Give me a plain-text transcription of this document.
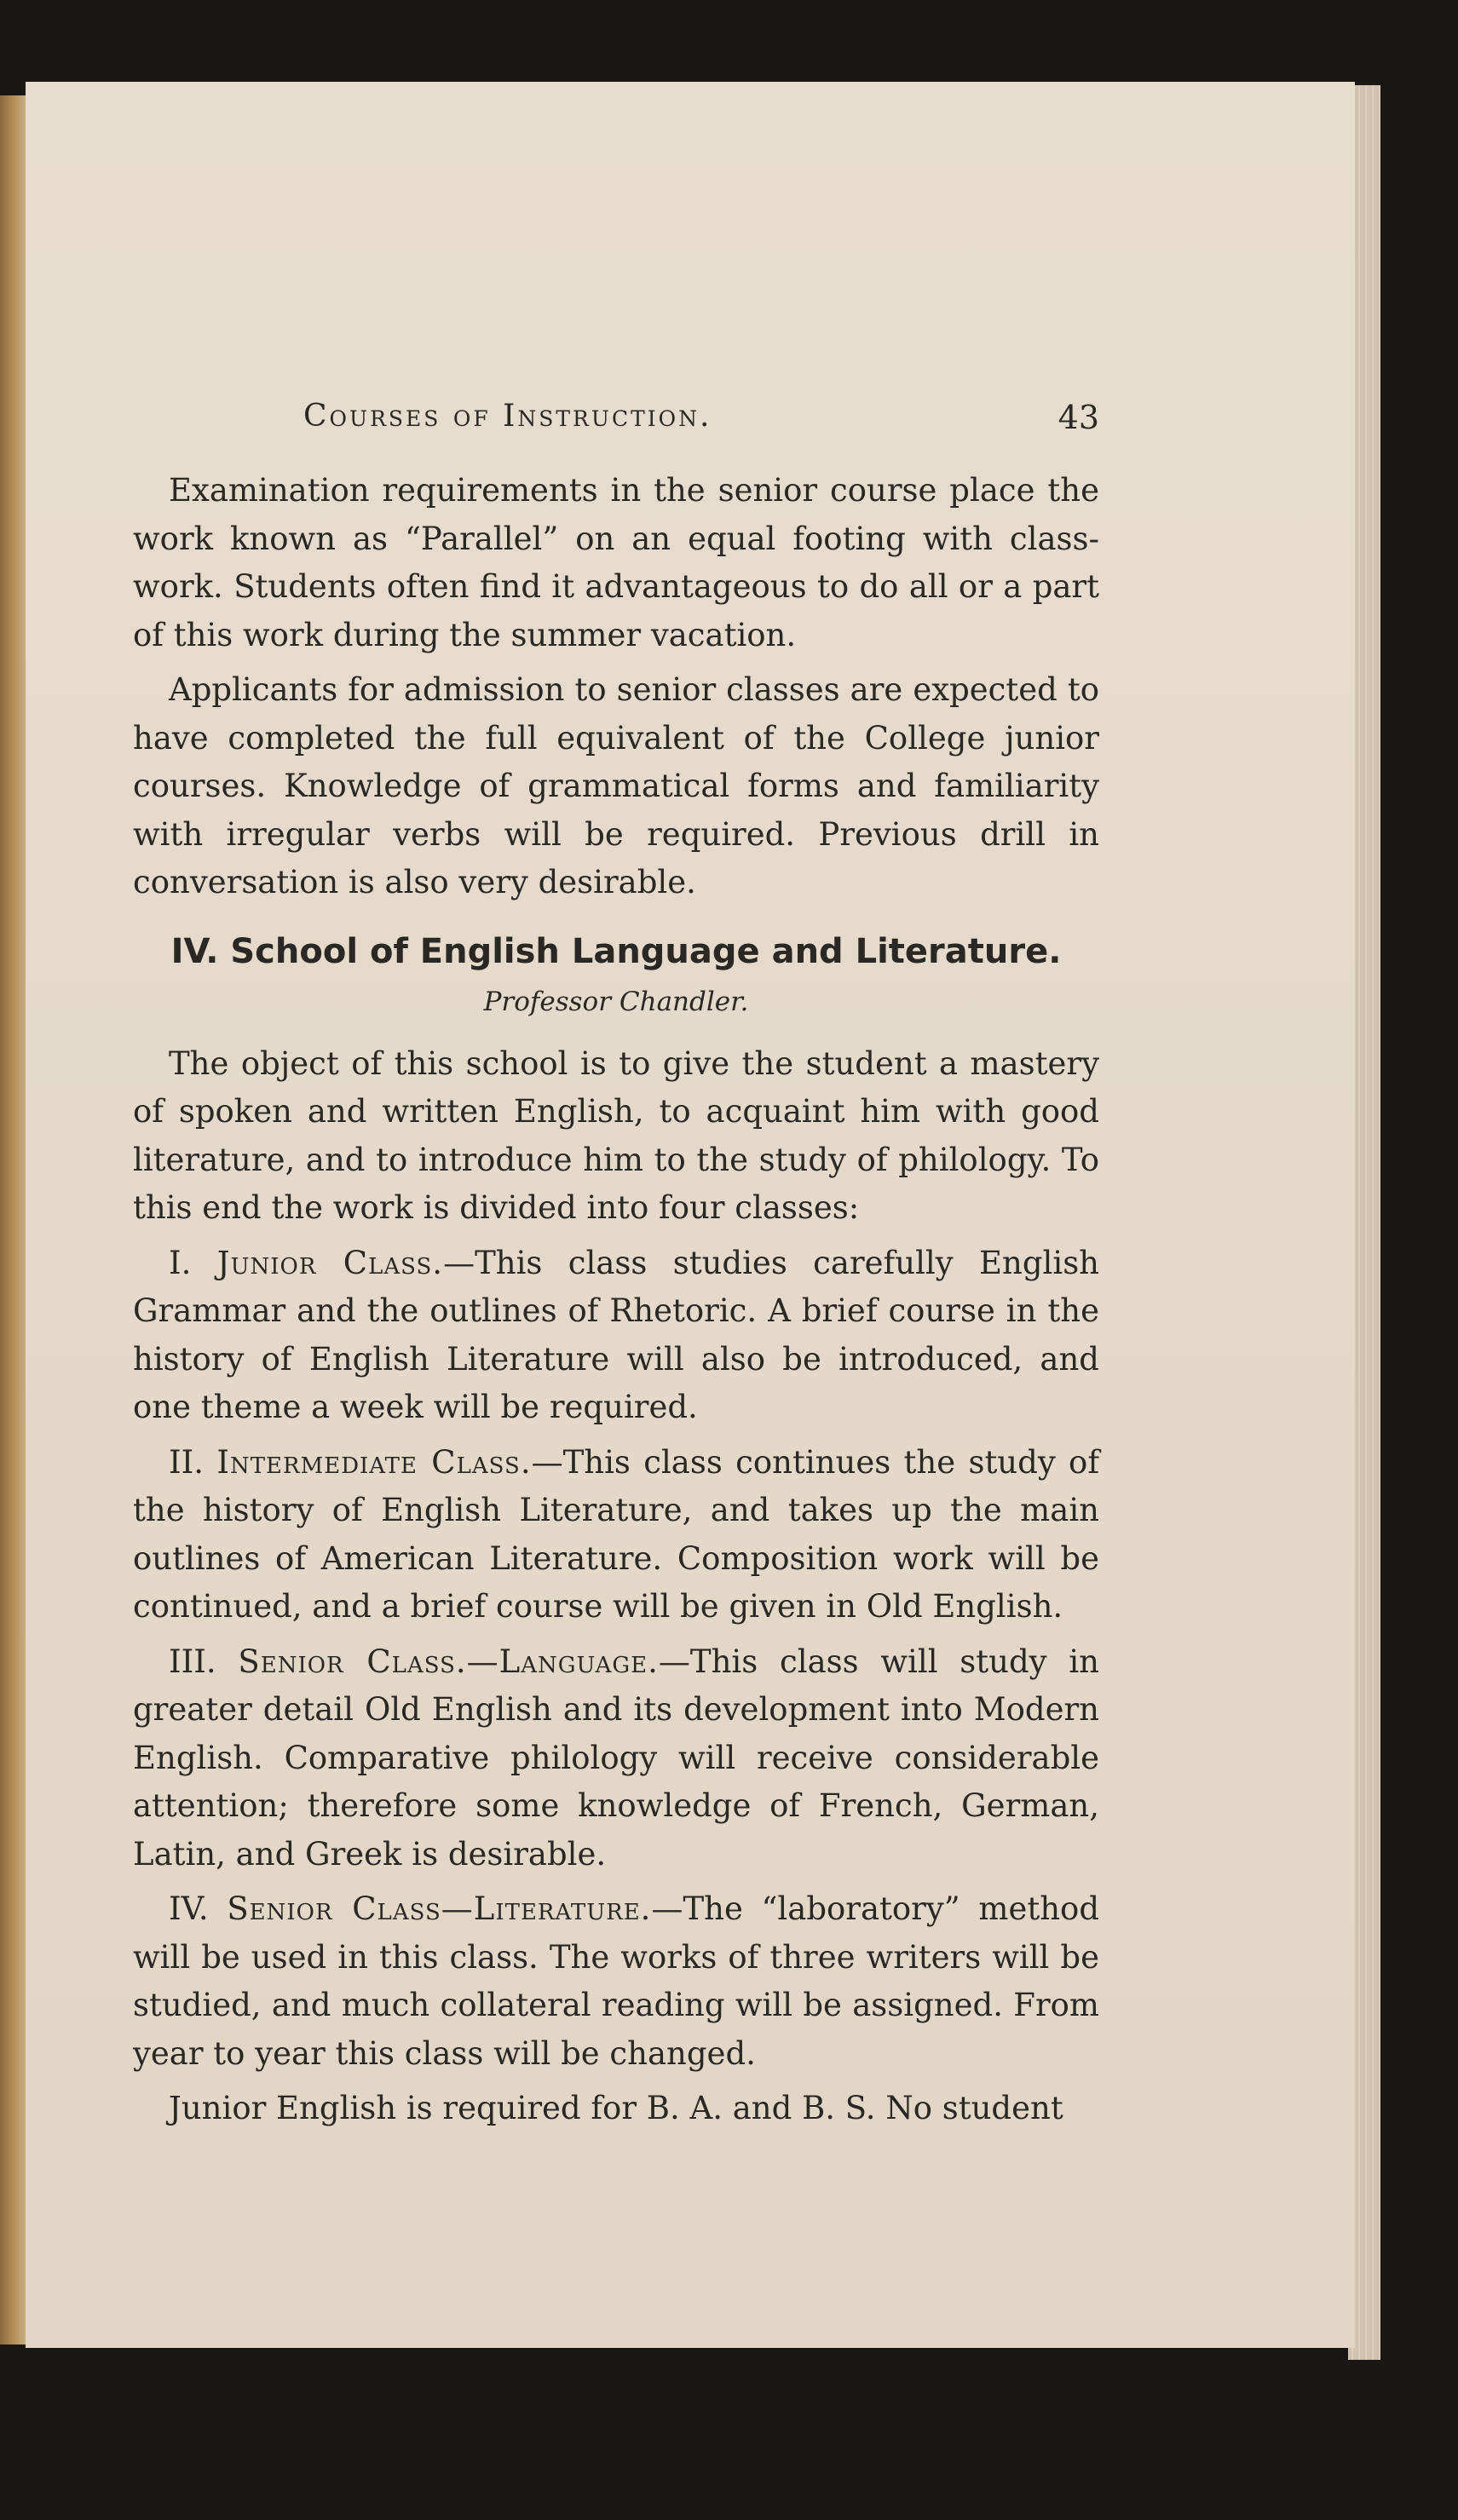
Courses of Instruction.	43

Examination requirements in the senior course place the work known as “Parallel” on an equal footing with class-work. Students often find it advantageous to do all or a part of this work during the summer vacation.

Applicants for admission to senior classes are expected to have completed the full equivalent of the College junior courses. Knowledge of grammatical forms and familiarity with irregular verbs will be required. Previous drill in conversation is also very desirable.

IV. School of English Language and Literature.
Professor Chandler.

The object of this school is to give the student a mastery of spoken and written English, to acquaint him with good literature, and to introduce him to the study of philology. To this end the work is divided into four classes:

I. Junior Class.—This class studies carefully English Grammar and the outlines of Rhetoric. A brief course in the history of English Literature will also be introduced, and one theme a week will be required.

II. Intermediate Class.—This class continues the study of the history of English Literature, and takes up the main outlines of American Literature. Composition work will be continued, and a brief course will be given in Old English.

III. Senior Class.—Language.—This class will study in greater detail Old English and its development into Modern English. Comparative philology will receive considerable attention; therefore some knowledge of French, German, Latin, and Greek is desirable.

IV. Senior Class—Literature.—The “laboratory” method will be used in this class. The works of three writers will be studied, and much collateral reading will be assigned. From year to year this class will be changed.

Junior English is required for B. A. and B. S. No student
